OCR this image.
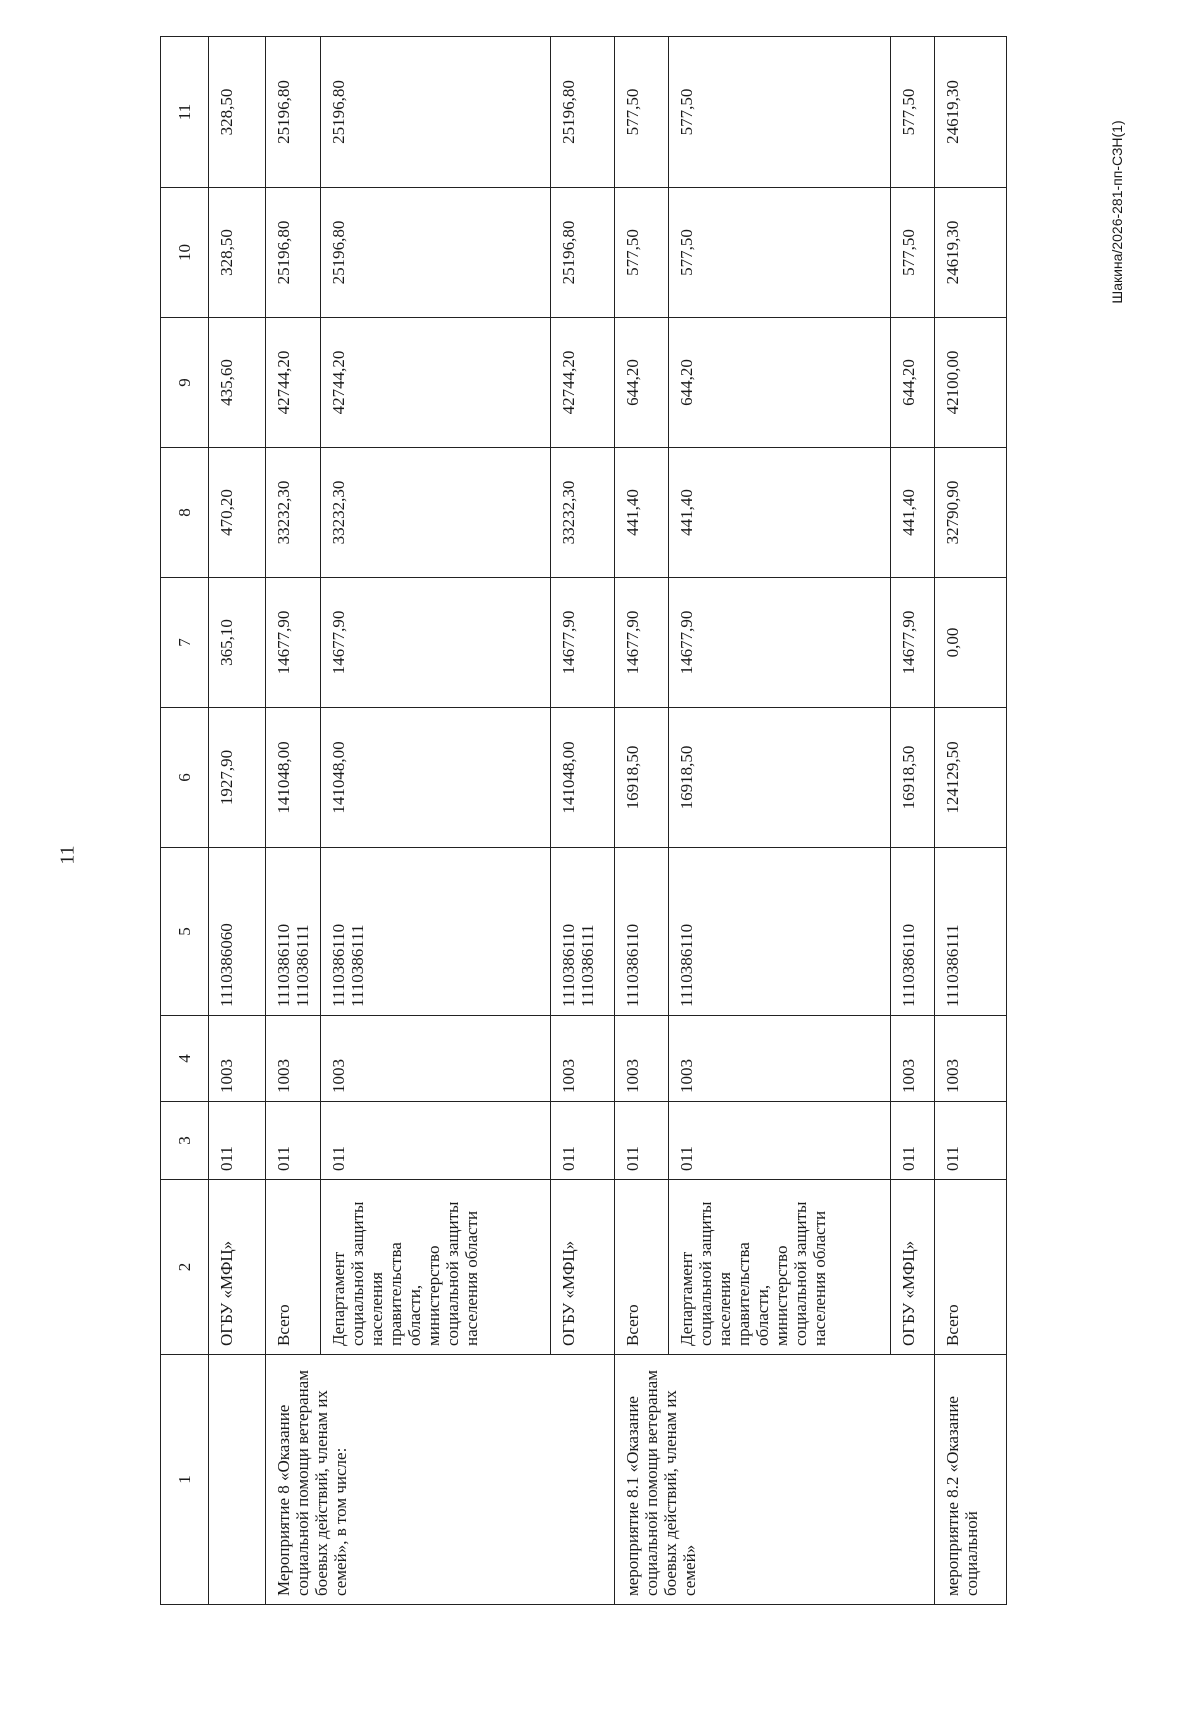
11
Шакина/2026-281-пп-СЗН(1)
1	2	3	4	5	6	7	8	9	10	11
	ОГБУ «МФЦ»	011	1003	1110386060	1927,90	365,10	470,20	435,60	328,50	328,50
Мероприятие 8 «Оказание социальной помощи ветеранам боевых действий, членам их семей», в том числе:	Всего	011	1003	1110386110 1110386111	141048,00	14677,90	33232,30	42744,20	25196,80	25196,80
	Департамент социальной защиты населения правительства области, министерство социальной защиты населения области	011	1003	1110386110 1110386111	141048,00	14677,90	33232,30	42744,20	25196,80	25196,80
	ОГБУ «МФЦ»	011	1003	1110386110 1110386111	141048,00	14677,90	33232,30	42744,20	25196,80	25196,80
мероприятие 8.1 «Оказание социальной помощи ветеранам боевых действий, членам их семей»	Всего	011	1003	1110386110	16918,50	14677,90	441,40	644,20	577,50	577,50
	Департамент социальной защиты населения правительства области, министерство социальной защиты населения области	011	1003	1110386110	16918,50	14677,90	441,40	644,20	577,50	577,50
	ОГБУ «МФЦ»	011	1003	1110386110	16918,50	14677,90	441,40	644,20	577,50	577,50
мероприятие 8.2 «Оказание социальной	Всего	011	1003	1110386111	124129,50	0,00	32790,90	42100,00	24619,30	24619,30
